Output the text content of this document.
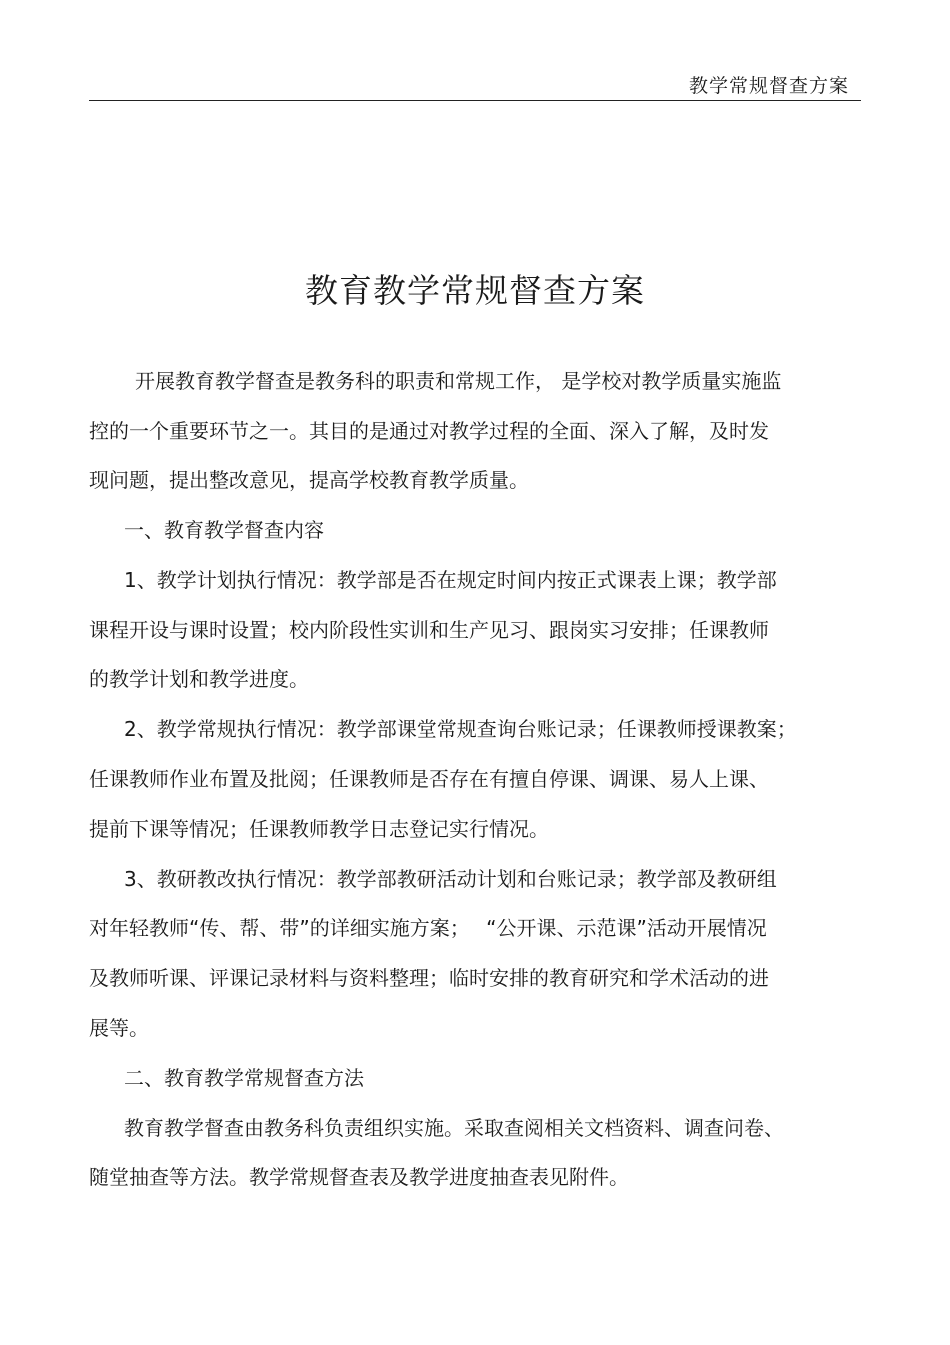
教学常规督查方案
教育教学常规督查方案
开展教育教学督查是教务科的职责和常规工作， 是学校对教学质量实施监
控的一个重要环节之一。其目的是通过对教学过程的全面、深入了解，及时发
现问题，提出整改意见，提高学校教育教学质量。
一、教育教学督查内容
1、教学计划执行情况：教学部是否在规定时间内按正式课表上课；教学部
课程开设与课时设置；校内阶段性实训和生产见习、跟岗实习安排；任课教师
的教学计划和教学进度。
2、教学常规执行情况：教学部课堂常规查询台账记录；任课教师授课教案；
任课教师作业布置及批阅；任课教师是否存在有擅自停课、调课、易人上课、
提前下课等情况；任课教师教学日志登记实行情况。
3、教研教改执行情况：教学部教研活动计划和台账记录；教学部及教研组
对年轻教师“传、帮、带”的详细实施方案；　 “公开课、示范课”活动开展情况
及教师听课、评课记录材料与资料整理；临时安排的教育研究和学术活动的进
展等。
二、教育教学常规督查方法
教育教学督查由教务科负责组织实施。采取查阅相关文档资料、调查问卷、
随堂抽查等方法。教学常规督查表及教学进度抽查表见附件。
